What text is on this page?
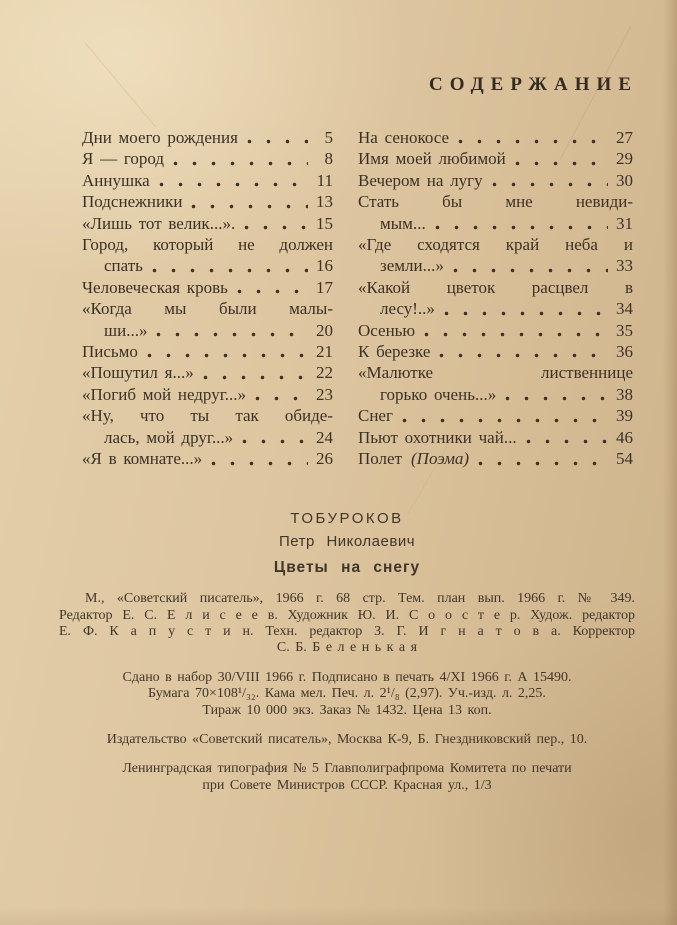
СОДЕРЖАНИЕ
Дни моего рождения	5
Я — город	8
Аннушка	11
Подснежники	13
«Лишь тот велик...».	15
Город, который не должен
спать	16
Человеческая кровь	17
«Когда мы были малы-
ши...»	20
Письмо	21
«Пошутил я...»	22
«Погиб мой недруг...»	23
«Ну, что ты так обиде-
лась, мой друг...»	24
«Я в комнате...»	26
На сенокосе	27
Имя моей любимой	29
Вечером на лугу	30
Стать бы мне невиди-
мым...	31
«Где сходятся край неба и
земли...»	33
«Какой цветок расцвел в
лесу!..»	34
Осенью	35
К березке	36
«Малютке лиственнице
горько очень...»	38
Снег	39
Пьют охотники чай...	46
Полет (Поэма)	54
ТОБУРОКОВ
Петр Николаевич
Цветы на снегу
М., «Советский писатель», 1966 г. 68 стр. Тем. план вып. 1966 г. № 349.
Редактор Е. С. Е л и с е е в. Художник Ю. И. С о о с т е р. Худож. редактор
Е. Ф. К а п у с т и н. Техн. редактор З. Г. И г н а т о в а. Корректор
С. Б. Б е л е н ь к а я
Сдано в набор 30/VIII 1966 г. Подписано в печать 4/XI 1966 г. А 15490.
Бумага 70×108¹/₃₂. Кама мел. Печ. л. 2¹/₈ (2,97). Уч.-изд. л. 2,25.
Тираж 10 000 экз. Заказ № 1432. Цена 13 коп.
Издательство «Советский писатель», Москва К-9, Б. Гнездниковский пер., 10.
Ленинградская типография № 5 Главполиграфпрома Комитета по печати
при Совете Министров СССР. Красная ул., 1/3
